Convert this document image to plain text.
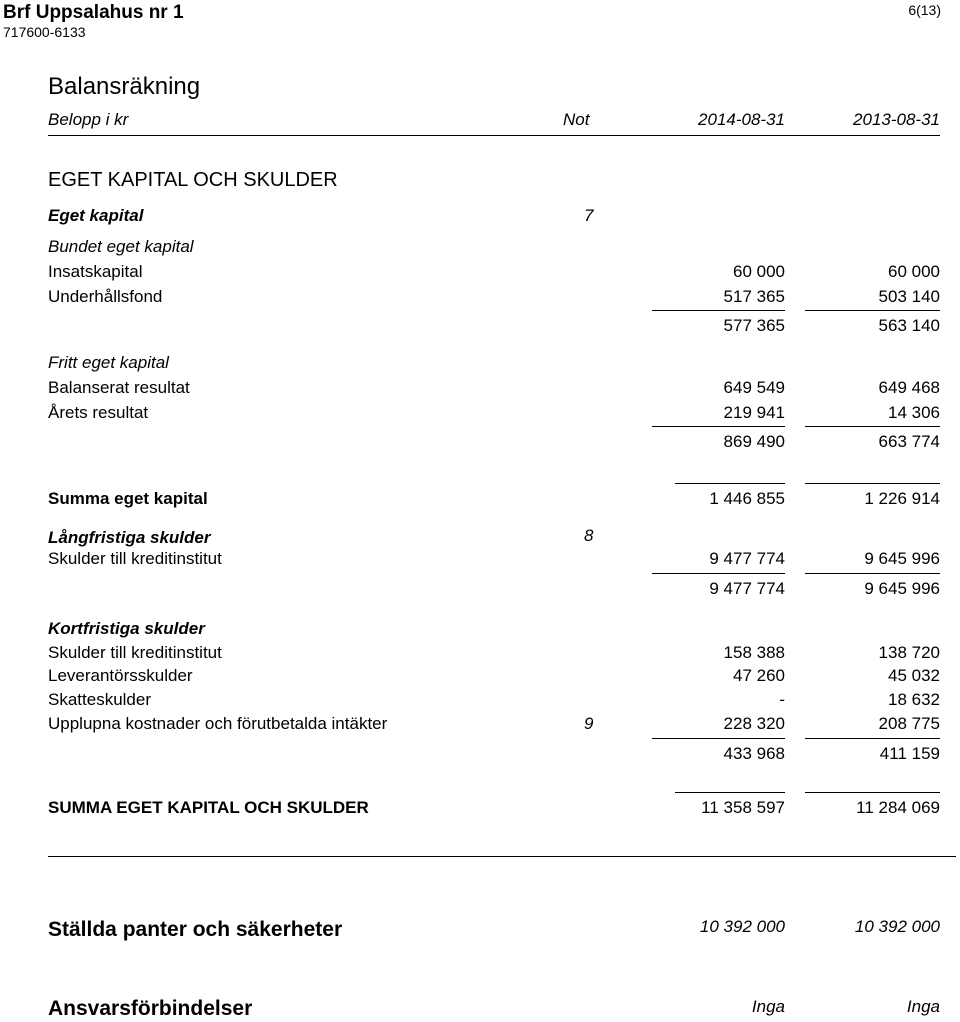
Brf Uppsalahus nr 1
717600-6133
6(13)
Balansräkning
Belopp i kr	Not	2014-08-31	2013-08-31
EGET KAPITAL OCH SKULDER
Eget kapital	7
Bundet eget kapital
Insatskapital	60 000	60 000
Underhållsfond	517 365	503 140
577 365	563 140
Fritt eget kapital
Balanserat resultat	649 549	649 468
Årets resultat	219 941	14 306
869 490	663 774
Summa eget kapital	1 446 855	1 226 914
Långfristiga skulder	8
Skulder till kreditinstitut	9 477 774	9 645 996
9 477 774	9 645 996
Kortfristiga skulder
Skulder till kreditinstitut	158 388	138 720
Leverantörsskulder	47 260	45 032
Skatteskulder	-	18 632
Upplupna kostnader och förutbetalda intäkter	9	228 320	208 775
433 968	411 159
SUMMA EGET KAPITAL OCH SKULDER	11 358 597	11 284 069
Ställda panter och säkerheter	10 392 000	10 392 000
Ansvarsförbindelser	Inga	Inga
